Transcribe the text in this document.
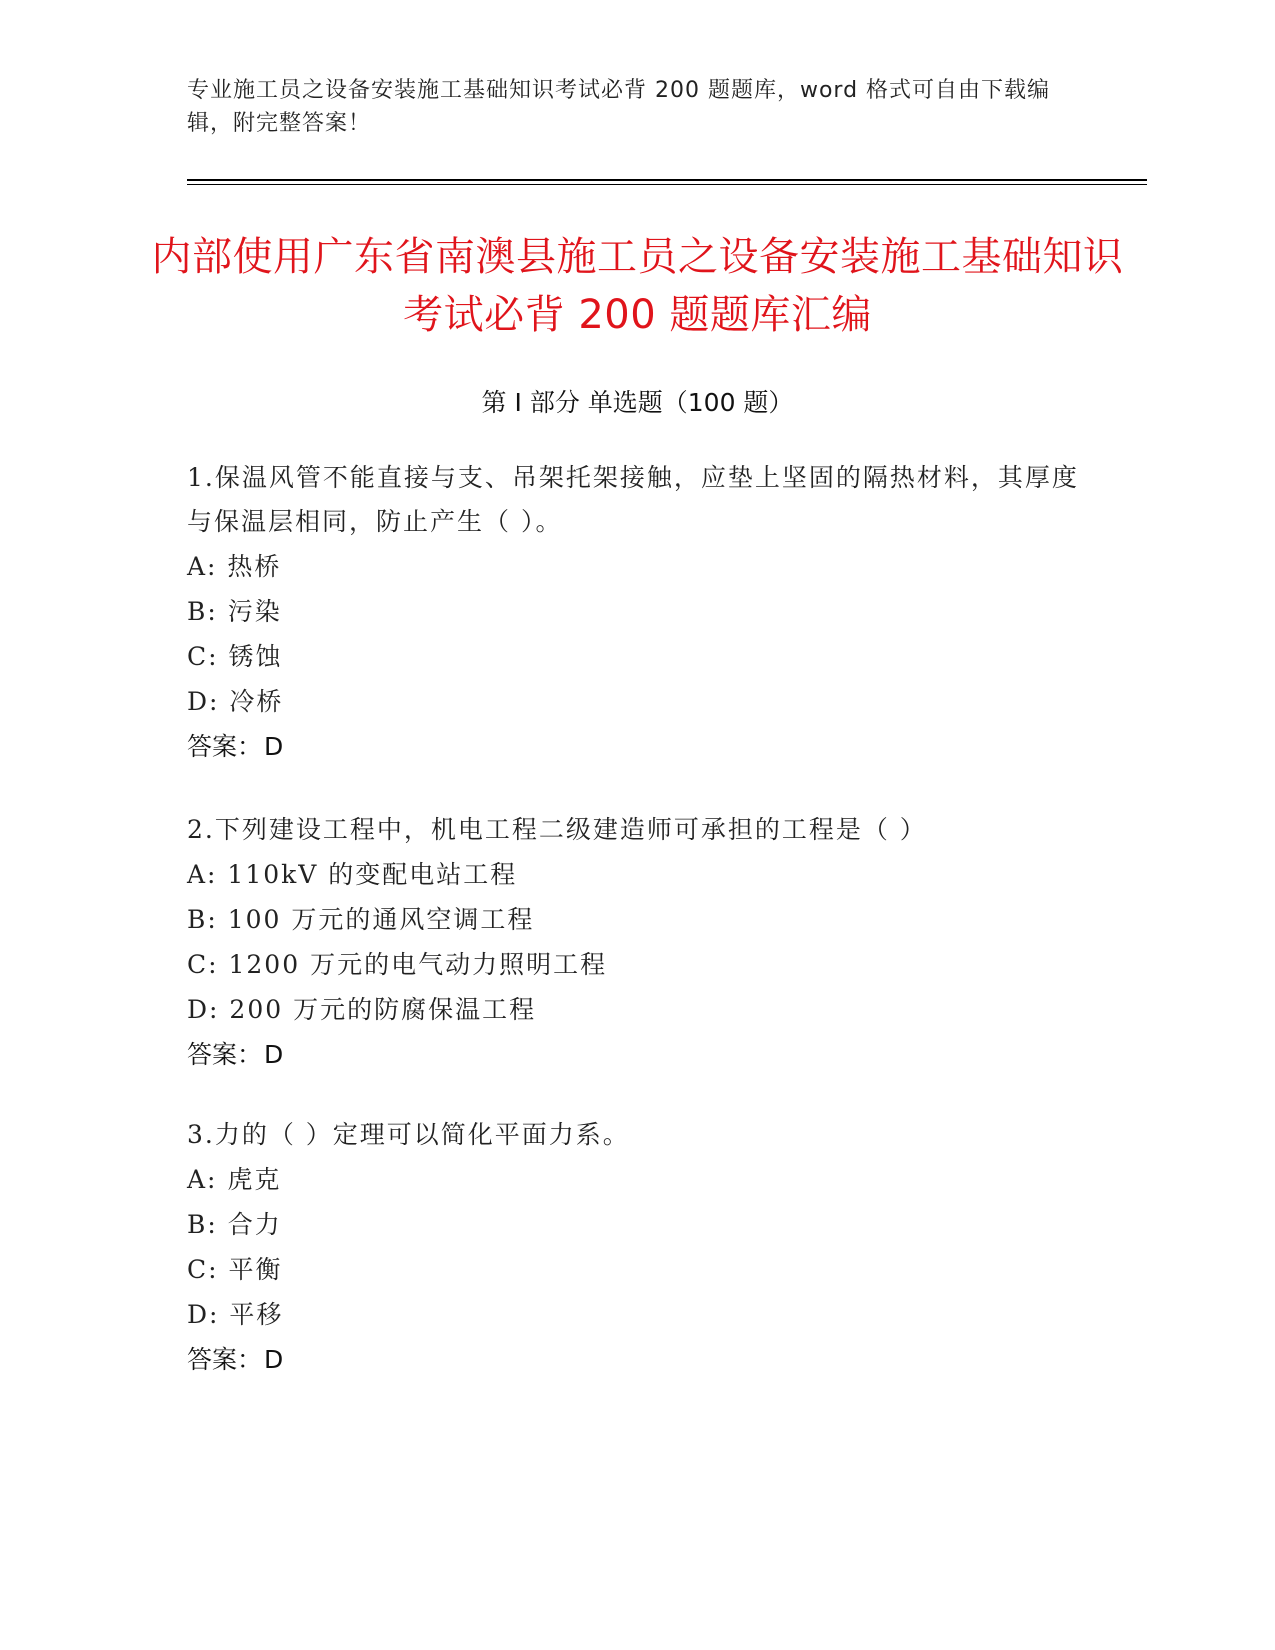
专业施工员之设备安装施工基础知识考试必背 200 题题库，word 格式可自由下载编辑，附完整答案！
内部使用广东省南澳县施工员之设备安装施工基础知识考试必背 200 题题库汇编
第 I 部分 单选题（100 题）
1.保温风管不能直接与支、吊架托架接触，应垫上坚固的隔热材料，其厚度与保温层相同，防止产生（ ）。
A: 热桥
B: 污染
C: 锈蚀
D: 冷桥
答案：D
2.下列建设工程中，机电工程二级建造师可承担的工程是（ ）
A: 110kV 的变配电站工程
B: 100 万元的通风空调工程
C: 1200 万元的电气动力照明工程
D: 200 万元的防腐保温工程
答案：D
3.力的（ ）定理可以简化平面力系。
A: 虎克
B: 合力
C: 平衡
D: 平移
答案：D
